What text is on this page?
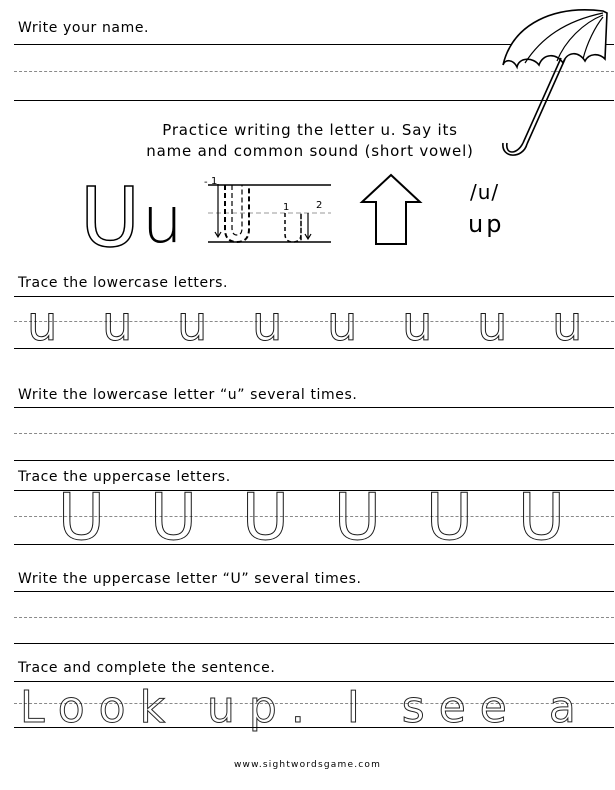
Write your name.
Practice writing the letter u. Say its
name and common sound (short vowel)
U u
- 1
1	2
/u/
up
Trace the lowercase letters.
u u u u u u u u
Write the lowercase letter “u” several times.
Trace the uppercase letters.
U U U U U U
Write the uppercase letter “U” several times.
Trace and complete the sentence.
Look up. I see a
www.sightwordsgame.com
